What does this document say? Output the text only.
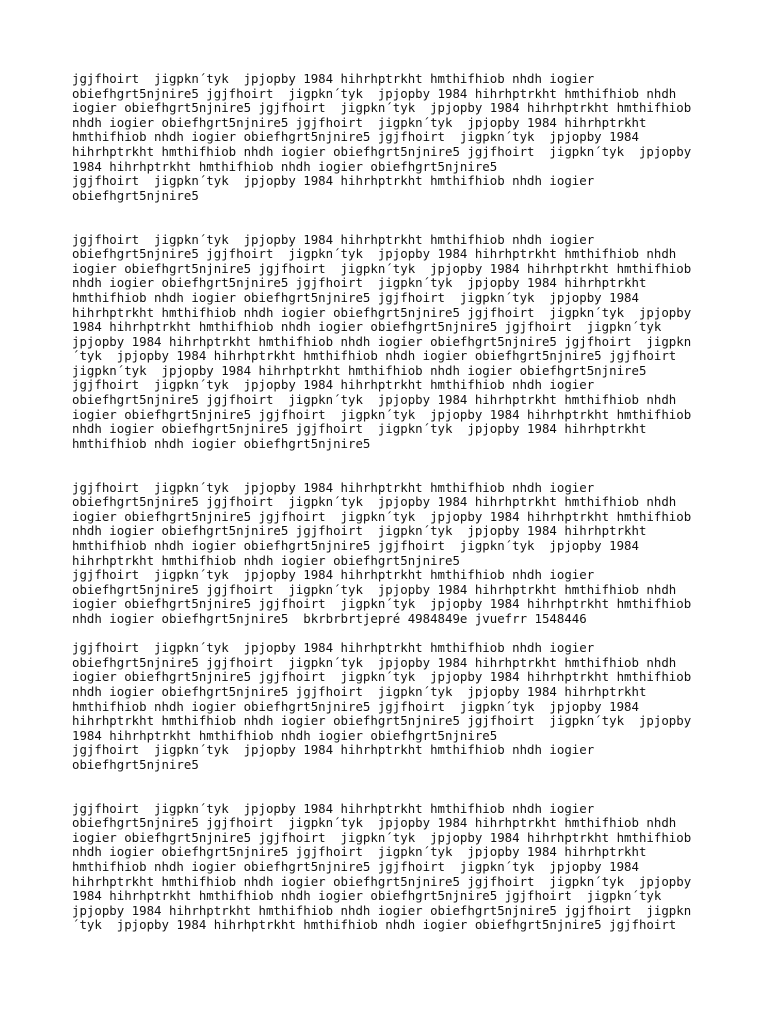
jgjfhoirt  jigpkn´tyk  jpjopby 1984 hihrhptrkht hmthifhiob nhdh iogier
obiefhgrt5njnire5 jgjfhoirt  jigpkn´tyk  jpjopby 1984 hihrhptrkht hmthifhiob nhdh
iogier obiefhgrt5njnire5 jgjfhoirt  jigpkn´tyk  jpjopby 1984 hihrhptrkht hmthifhiob
nhdh iogier obiefhgrt5njnire5 jgjfhoirt  jigpkn´tyk  jpjopby 1984 hihrhptrkht
hmthifhiob nhdh iogier obiefhgrt5njnire5 jgjfhoirt  jigpkn´tyk  jpjopby 1984
hihrhptrkht hmthifhiob nhdh iogier obiefhgrt5njnire5 jgjfhoirt  jigpkn´tyk  jpjopby
1984 hihrhptrkht hmthifhiob nhdh iogier obiefhgrt5njnire5
jgjfhoirt  jigpkn´tyk  jpjopby 1984 hihrhptrkht hmthifhiob nhdh iogier
obiefhgrt5njnire5
jgjfhoirt  jigpkn´tyk  jpjopby 1984 hihrhptrkht hmthifhiob nhdh iogier
obiefhgrt5njnire5 jgjfhoirt  jigpkn´tyk  jpjopby 1984 hihrhptrkht hmthifhiob nhdh
iogier obiefhgrt5njnire5 jgjfhoirt  jigpkn´tyk  jpjopby 1984 hihrhptrkht hmthifhiob
nhdh iogier obiefhgrt5njnire5 jgjfhoirt  jigpkn´tyk  jpjopby 1984 hihrhptrkht
hmthifhiob nhdh iogier obiefhgrt5njnire5 jgjfhoirt  jigpkn´tyk  jpjopby 1984
hihrhptrkht hmthifhiob nhdh iogier obiefhgrt5njnire5 jgjfhoirt  jigpkn´tyk  jpjopby
1984 hihrhptrkht hmthifhiob nhdh iogier obiefhgrt5njnire5 jgjfhoirt  jigpkn´tyk
jpjopby 1984 hihrhptrkht hmthifhiob nhdh iogier obiefhgrt5njnire5 jgjfhoirt  jigpkn
´tyk  jpjopby 1984 hihrhptrkht hmthifhiob nhdh iogier obiefhgrt5njnire5 jgjfhoirt
jigpkn´tyk  jpjopby 1984 hihrhptrkht hmthifhiob nhdh iogier obiefhgrt5njnire5
jgjfhoirt  jigpkn´tyk  jpjopby 1984 hihrhptrkht hmthifhiob nhdh iogier
obiefhgrt5njnire5 jgjfhoirt  jigpkn´tyk  jpjopby 1984 hihrhptrkht hmthifhiob nhdh
iogier obiefhgrt5njnire5 jgjfhoirt  jigpkn´tyk  jpjopby 1984 hihrhptrkht hmthifhiob
nhdh iogier obiefhgrt5njnire5 jgjfhoirt  jigpkn´tyk  jpjopby 1984 hihrhptrkht
hmthifhiob nhdh iogier obiefhgrt5njnire5
jgjfhoirt  jigpkn´tyk  jpjopby 1984 hihrhptrkht hmthifhiob nhdh iogier
obiefhgrt5njnire5 jgjfhoirt  jigpkn´tyk  jpjopby 1984 hihrhptrkht hmthifhiob nhdh
iogier obiefhgrt5njnire5 jgjfhoirt  jigpkn´tyk  jpjopby 1984 hihrhptrkht hmthifhiob
nhdh iogier obiefhgrt5njnire5 jgjfhoirt  jigpkn´tyk  jpjopby 1984 hihrhptrkht
hmthifhiob nhdh iogier obiefhgrt5njnire5 jgjfhoirt  jigpkn´tyk  jpjopby 1984
hihrhptrkht hmthifhiob nhdh iogier obiefhgrt5njnire5
jgjfhoirt  jigpkn´tyk  jpjopby 1984 hihrhptrkht hmthifhiob nhdh iogier
obiefhgrt5njnire5 jgjfhoirt  jigpkn´tyk  jpjopby 1984 hihrhptrkht hmthifhiob nhdh
iogier obiefhgrt5njnire5 jgjfhoirt  jigpkn´tyk  jpjopby 1984 hihrhptrkht hmthifhiob
nhdh iogier obiefhgrt5njnire5  bkrbrbrtjepré 4984849e jvuefrr 1548446
jgjfhoirt  jigpkn´tyk  jpjopby 1984 hihrhptrkht hmthifhiob nhdh iogier
obiefhgrt5njnire5 jgjfhoirt  jigpkn´tyk  jpjopby 1984 hihrhptrkht hmthifhiob nhdh
iogier obiefhgrt5njnire5 jgjfhoirt  jigpkn´tyk  jpjopby 1984 hihrhptrkht hmthifhiob
nhdh iogier obiefhgrt5njnire5 jgjfhoirt  jigpkn´tyk  jpjopby 1984 hihrhptrkht
hmthifhiob nhdh iogier obiefhgrt5njnire5 jgjfhoirt  jigpkn´tyk  jpjopby 1984
hihrhptrkht hmthifhiob nhdh iogier obiefhgrt5njnire5 jgjfhoirt  jigpkn´tyk  jpjopby
1984 hihrhptrkht hmthifhiob nhdh iogier obiefhgrt5njnire5
jgjfhoirt  jigpkn´tyk  jpjopby 1984 hihrhptrkht hmthifhiob nhdh iogier
obiefhgrt5njnire5
jgjfhoirt  jigpkn´tyk  jpjopby 1984 hihrhptrkht hmthifhiob nhdh iogier
obiefhgrt5njnire5 jgjfhoirt  jigpkn´tyk  jpjopby 1984 hihrhptrkht hmthifhiob nhdh
iogier obiefhgrt5njnire5 jgjfhoirt  jigpkn´tyk  jpjopby 1984 hihrhptrkht hmthifhiob
nhdh iogier obiefhgrt5njnire5 jgjfhoirt  jigpkn´tyk  jpjopby 1984 hihrhptrkht
hmthifhiob nhdh iogier obiefhgrt5njnire5 jgjfhoirt  jigpkn´tyk  jpjopby 1984
hihrhptrkht hmthifhiob nhdh iogier obiefhgrt5njnire5 jgjfhoirt  jigpkn´tyk  jpjopby
1984 hihrhptrkht hmthifhiob nhdh iogier obiefhgrt5njnire5 jgjfhoirt  jigpkn´tyk
jpjopby 1984 hihrhptrkht hmthifhiob nhdh iogier obiefhgrt5njnire5 jgjfhoirt  jigpkn
´tyk  jpjopby 1984 hihrhptrkht hmthifhiob nhdh iogier obiefhgrt5njnire5 jgjfhoirt
